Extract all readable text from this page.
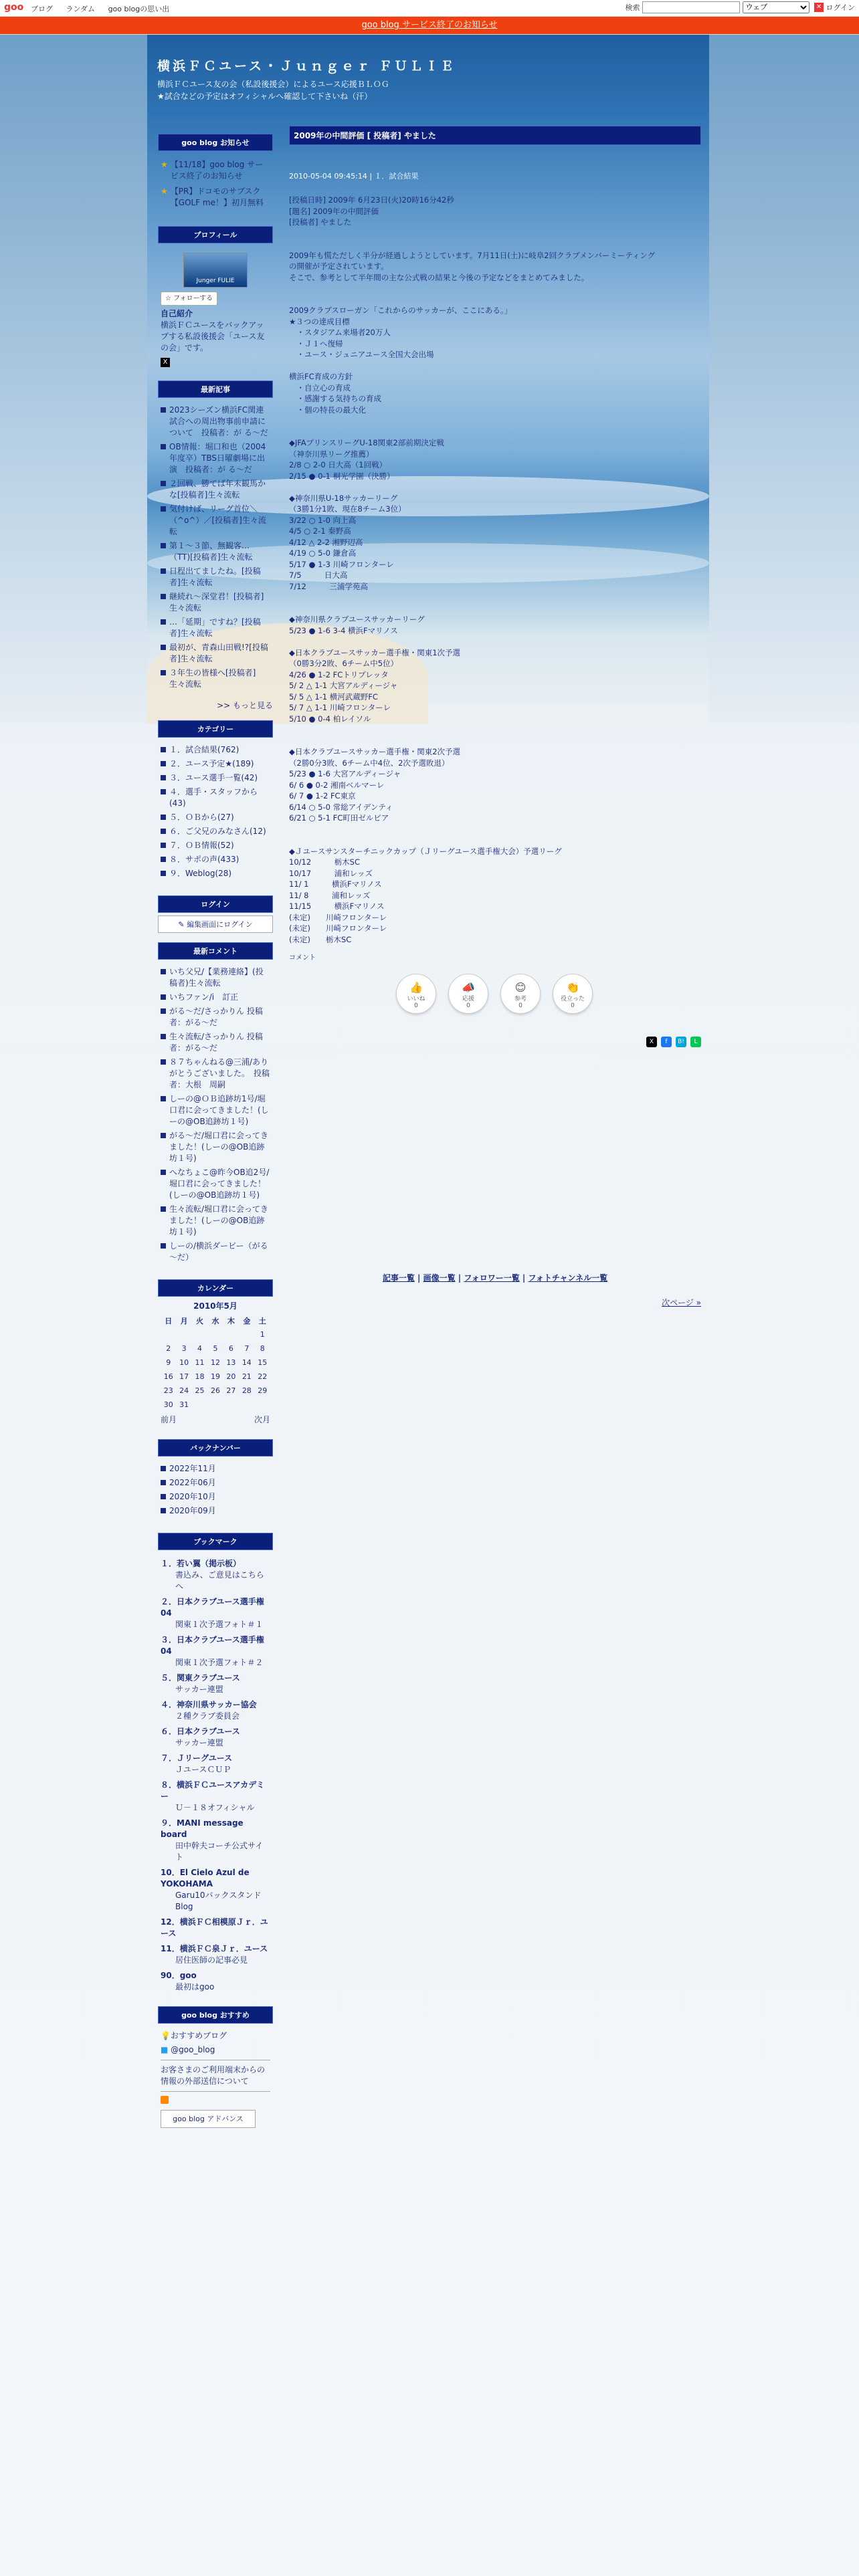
goo ブログ ランダム goo blogの思い出	検索
ウェブ	✕ ログイン
goo blog サービス終了のお知らせ
横浜ＦＣユース・Ｊｕｎｇｅｒ ＦＵＬＩＥ
横浜ＦＣユース友の会（私設後援会）によるユース応援ＢＬＯＧ
★試合などの予定はオフィシャルへ確認して下さいね（汗）
goo blog お知らせ
★ 【11/18】goo blog サービス終了のお知らせ
★ 【PR】ドコモのサブスク【GOLF me！】初月無料
プロフィール
Junger FULIE
☆ フォローする
自己紹介
横浜ＦＣユースをバックアップする私設後援会「ユース友の会」です。
X
最新記事
2023シーズン横浜FC関連試合への周出物事前申請について　投稿者：が る～だ
OB情報：堀口和也（2004年度卒）TBS日曜劇場に出演　投稿者：が る～だ
２回戦、勝てば年末観馬かな[投稿者]生々流転
気付けば、リーグ首位＼（^o^）／[投稿者]生々流転
第１～３節、無観客…（TT)[投稿者]生々流転
日程出てましたね。[投稿者]生々流転
継続れ～深堂君！[投稿者]生々流転
…「延期」ですね？[投稿者]生々流転
最初が、青森山田戦!?[投稿者]生々流転
３年生の皆様へ[投稿者]生々流転
>> もっと見る
カテゴリー
１．試合結果(762)
２．ユース予定★(189)
３．ユース選手一覧(42)
４．選手・スタッフから(43)
５．ＯＢから(27)
６．ご父兄のみなさん(12)
７．ＯＢ情報(52)
８．サポの声(433)
９．Weblog(28)
ログイン
✎ 編集画面にログイン
最新コメント
いち父兄/【業務連絡】(投稿者)生々流転
いちファン/i　訂正
がる～だ/さっかりん 投稿者：がる～だ
生々流転/さっかりん 投稿者：がる～だ
８７ちゃんねる@三浦/ありがとうございました。　投稿者：大根　周嗣
しーの@ＯＢ追跡坊1号/堀口君に会ってきました！(しーの@OB追跡坊１号)
がる～だ/堀口君に会ってきました！(しーの@OB追跡坊１号)
へなちょこ@昨今OB追2号/堀口君に会ってきました！(しーの@OB追跡坊１号)
生々流転/堀口君に会ってきました！(しーの@OB追跡坊１号)
しーの/横浜ダービー（がる～だ）
カレンダー
2010年5月
日	月	火	水	木	金	土
						1
2	3	4	5	6	7	8
9	10	11	12	13	14	15
16	17	18	19	20	21	22
23	24	25	26	27	28	29
30	31					
前月	次月
バックナンバー
2022年11月
2022年06月
2020年10月
2020年09月
ブックマーク
１．若い翼（掲示板）
書込み、ご意見はこちらへ
２．日本クラブユース選手権04
関東１次予選フォト＃１
３．日本クラブユース選手権04
関東１次予選フォト＃２
５．関東クラブユース
サッカー連盟
４．神奈川県サッカー協会
２種クラブ委員会
６．日本クラブユース
サッカー連盟
７．Ｊリーグユース
ＪユースＣＵＰ
８．横浜ＦＣユースアカデミー
Ｕ－１８オフィシャル
９．MANI message board
田中幹夫コーチ公式サイト
10．El Cielo Azul de YOKOHAMA
Garu10バックスタンドBlog
12．横浜ＦＣ相模原Ｊｒ．ユース
11．横浜ＦＣ泉Ｊｒ．ユース
居住医師の記事必見
90．goo
最初はgoo
goo blog おすすめ
💡おすすめブログ
■ @goo_blog
お客さまのご利用端末からの情報の外部送信について
goo blog アドバンス
2009年の中間評価 [ 投稿者] やました
2010-05-04 09:45:14 | １．試合結果
[投稿日時] 2009年 6月23日(火)20時16分42秒
[題名] 2009年の中間評価
[投稿者] やました

2009年も慌ただしく半分が経過しようとしています。7月11日(土)に岐阜2回クラブメンバーミーティング
の開催が予定されています。
そこで、参考として半年間の主な公式戦の結果と今後の予定などをまとめてみました。

2009クラブスローガン「これからのサッカーが、ここにある。」
★３つの達成目標
　・スタジアム来場者20万人
　・Ｊ１へ復帰
　・ユース・ジュニアユース全国大会出場

横浜FC育成の方針
　・自立心の育成
　・感謝する気持ちの育成
　・個の特長の最大化

◆JFAプリンスリーグU-18関東2部前期決定戦
（神奈川県リーグ推薦）
2/8 ○ 2-0 日大高（1回戦）
2/15 ● 0-1 桐光学園（決勝）

◆神奈川県U-18サッカーリーグ
（3勝1分1敗、現在8チーム3位）
3/22 ○ 1-0 向上高
4/5 ○ 2-1 秦野高
4/12 △ 2-2 湘野辺高
4/19 ○ 5-0 鎌倉高
5/17 ● 1-3 川崎フロンターレ
7/5　　　日大高
7/12　　　三浦学苑高

◆神奈川県クラブユースサッカーリーグ
5/23 ● 1-6 3-4 横浜Fマリノス

◆日本クラブユースサッカー選手権・関東1次予選
（0勝3分2敗、6チーム中5位）
4/26 ● 1-2 FCトリプレッタ
5/ 2 △ 1-1 大宮アルディージャ
5/ 5 △ 1-1 横河武蔵野FC
5/ 7 △ 1-1 川崎フロンターレ
5/10 ● 0-4 柏レイソル

◆日本クラブユースサッカー選手権・関東2次予選
（2勝0分3敗、6チーム中4位、2次予選敗退）
5/23 ● 1-6 大宮アルディージャ
6/ 6 ● 0-2 湘南ベルマーレ
6/ 7 ● 1-2 FC東京
6/14 ○ 5-0 常総アイデンティ
6/21 ○ 5-1 FC町田ゼルビア

◆Ｊユースサンスターチニックカップ（Ｊリーグユース選手権大会）予選リーグ
10/12　　　栃木SC
10/17　　　浦和レッズ
11/ 1　　　横浜Fマリノス
11/ 8　　　浦和レッズ
11/15　　　横浜Fマリノス
(未定)　　川崎フロンターレ
(未定)　　川崎フロンターレ
(未定)　　栃木SC
コメント
👍
いいね
0
📣
応援
0
😊
参考
0
👏
役立った
0
X	f	B!	L
記事一覧 | 画像一覧 | フォロワー一覧 | フォトチャンネル一覧
次ページ »
